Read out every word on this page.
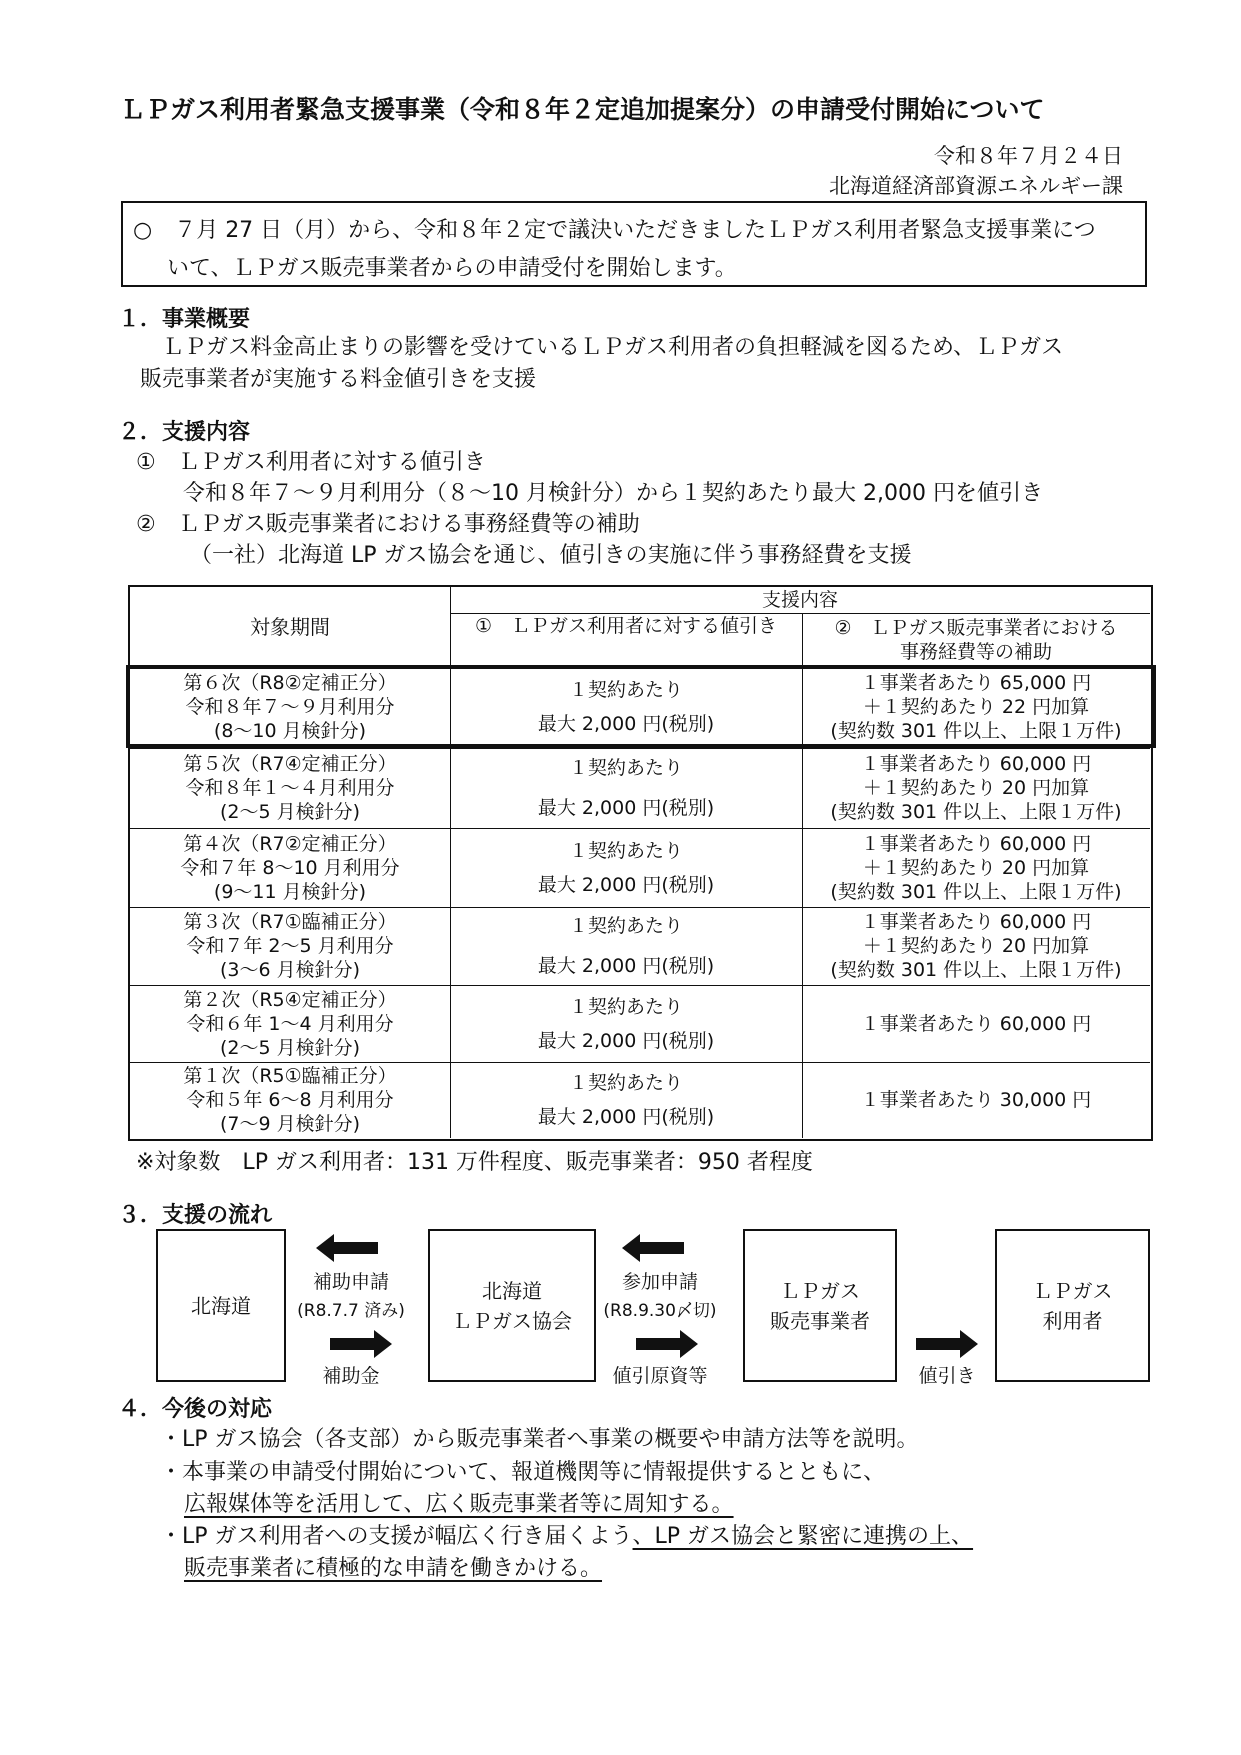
ＬＰガス利用者緊急支援事業（令和８年２定追加提案分）の申請受付開始について
令和８年７月２４日
北海道経済部資源エネルギー課
○　７月 27 日（月）から、令和８年２定で議決いただきましたＬＰガス利用者緊急支援事業につ
いて、ＬＰガス販売事業者からの申請受付を開始します。
１．事業概要
ＬＰガス料金高止まりの影響を受けているＬＰガス利用者の負担軽減を図るため、ＬＰガス
販売事業者が実施する料金値引きを支援
２．支援内容
①　ＬＰガス利用者に対する値引き
令和８年７～９月利用分（８～10 月検針分）から１契約あたり最大 2,000 円を値引き
②　ＬＰガス販売事業者における事務経費等の補助
（一社）北海道 LP ガス協会を通じ、値引きの実施に伴う事務経費を支援
対象期間
支援内容
①　ＬＰガス利用者に対する値引き	②　ＬＰガス販売事業者における
事務経費等の補助
第６次（R8②定補正分）
令和８年７～９月利用分
(8～10 月検針分)
１契約あたり
最大 2,000 円(税別)
１事業者あたり 65,000 円
＋１契約あたり 22 円加算
(契約数 301 件以上、上限１万件)
第５次（R7④定補正分）
令和８年１～４月利用分
(2～5 月検針分)
１契約あたり
最大 2,000 円(税別)
１事業者あたり 60,000 円
＋１契約あたり 20 円加算
(契約数 301 件以上、上限１万件)
第４次（R7②定補正分）
令和７年 8～10 月利用分
(9～11 月検針分)
１契約あたり
最大 2,000 円(税別)
１事業者あたり 60,000 円
＋１契約あたり 20 円加算
(契約数 301 件以上、上限１万件)
第３次（R7①臨補正分）
令和７年 2～5 月利用分
(3～6 月検針分)
１契約あたり
最大 2,000 円(税別)
１事業者あたり 60,000 円
＋１契約あたり 20 円加算
(契約数 301 件以上、上限１万件)
第２次（R5④定補正分）
令和６年 1～4 月利用分
(2～5 月検針分)
１契約あたり
最大 2,000 円(税別)
１事業者あたり 60,000 円
第１次（R5①臨補正分）
令和５年 6～8 月利用分
(7～9 月検針分)
１契約あたり
最大 2,000 円(税別)
１事業者あたり 30,000 円
※対象数　LP ガス利用者：131 万件程度、販売事業者：950 者程度
３．支援の流れ
北海道
北海道
ＬＰガス協会
ＬＰガス
販売事業者
ＬＰガス
利用者
補助申請
(R8.7.7 済み)
補助金
参加申請
(R8.9.30〆切)
値引原資等	値引き
４．今後の対応
・LP ガス協会（各支部）から販売事業者へ事業の概要や申請方法等を説明。
・本事業の申請受付開始について、報道機関等に情報提供するとともに、
広報媒体等を活用して、広く販売事業者等に周知する。
・LP ガス利用者への支援が幅広く行き届くよう、LP ガス協会と緊密に連携の上、
販売事業者に積極的な申請を働きかける。
